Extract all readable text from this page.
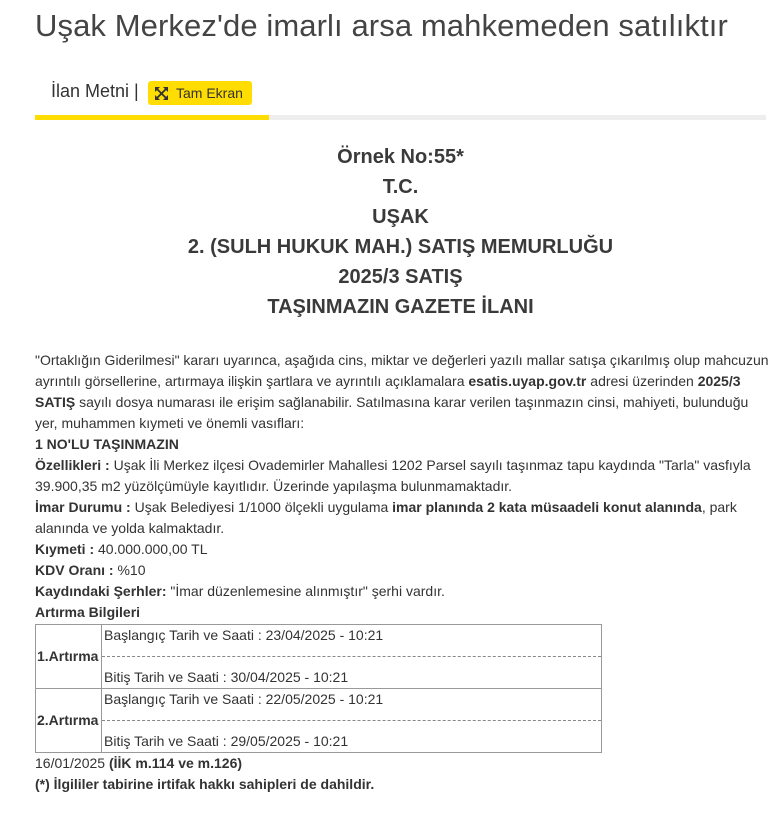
Uşak Merkez'de imarlı arsa mahkemeden satılıktır
İlan Metni |	Tam Ekran
Örnek No:55*
T.C.
UŞAK
2. (SULH HUKUK MAH.) SATIŞ MEMURLUĞU
2025/3 SATIŞ
TAŞINMAZIN GAZETE İLANI

"Ortaklığın Giderilmesi" kararı uyarınca, aşağıda cins, miktar ve değerleri yazılı mallar satışa çıkarılmış olup mahcuzun ayrıntılı görsellerine, artırmaya ilişkin şartlara ve ayrıntılı açıklamalara esatis.uyap.gov.tr adresi üzerinden 2025/3 SATIŞ sayılı dosya numarası ile erişim sağlanabilir. Satılmasına karar verilen taşınmazın cinsi, mahiyeti, bulunduğu yer, muhammen kıymeti ve önemli vasıfları:

1 NO'LU TAŞINMAZIN

Özellikleri : Uşak İli Merkez ilçesi Ovademirler Mahallesi 1202 Parsel sayılı taşınmaz tapu kaydında "Tarla" vasfıyla 39.900,35 m2 yüzölçümüyle kayıtlıdır. Üzerinde yapılaşma bulunmamaktadır.

İmar Durumu : Uşak Belediyesi 1/1000 ölçekli uygulama imar planında 2 kata müsaadeli konut alanında, park alanında ve yolda kalmaktadır.

Kıymeti : 40.000.000,00 TL

KDV Oranı : %10

Kaydındaki Şerhler: "İmar düzenlemesine alınmıştır" şerhi vardır.

Artırma Bilgileri

1.Artırma	Başlangıç Tarih ve Saati : 23/04/2025 - 10:21
Bitiş Tarih ve Saati : 30/04/2025 - 10:21

2.Artırma	Başlangıç Tarih ve Saati : 22/05/2025 - 10:21
Bitiş Tarih ve Saati : 29/05/2025 - 10:21

16/01/2025 (İİK m.114 ve m.126)

(*) İlgililer tabirine irtifak hakkı sahipleri de dahildir.
